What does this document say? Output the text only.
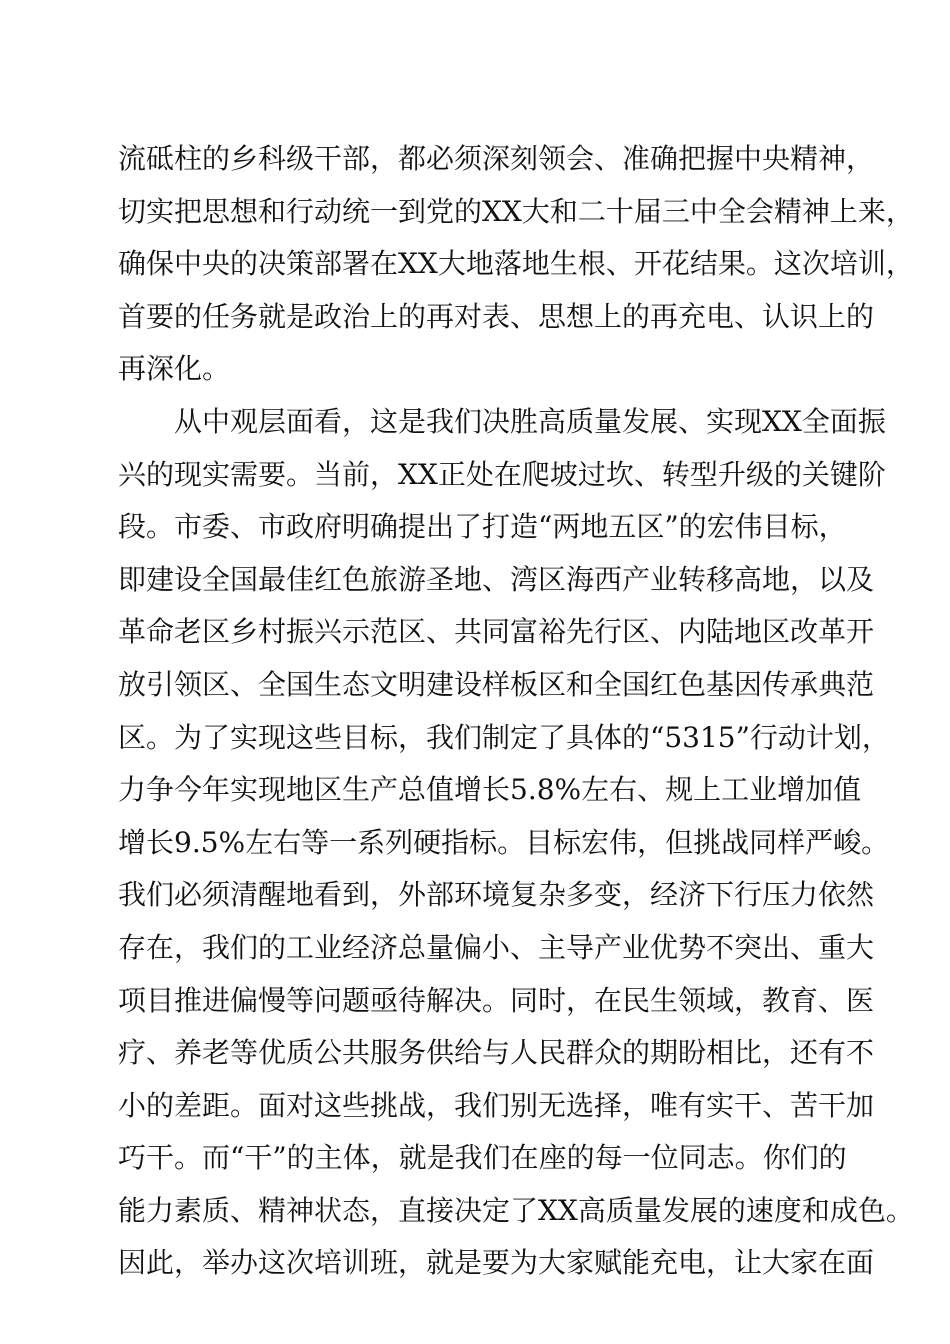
流砥柱的乡科级干部，都必须深刻领会、准确把握中央精神，
切实把思想和行动统一到党的XX大和二十届三中全会精神上来，
确保中央的决策部署在XX大地落地生根、开花结果。这次培训，
首要的任务就是政治上的再对表、思想上的再充电、认识上的
再深化。
从中观层面看，这是我们决胜高质量发展、实现XX全面振
兴的现实需要。当前，XX正处在爬坡过坎、转型升级的关键阶
段。市委、市政府明确提出了打造“两地五区”的宏伟目标，
即建设全国最佳红色旅游圣地、湾区海西产业转移高地，以及
革命老区乡村振兴示范区、共同富裕先行区、内陆地区改革开
放引领区、全国生态文明建设样板区和全国红色基因传承典范
区。为了实现这些目标，我们制定了具体的“5315”行动计划，
力争今年实现地区生产总值增长5.8%左右、规上工业增加值
增长9.5%左右等一系列硬指标。目标宏伟，但挑战同样严峻。
我们必须清醒地看到，外部环境复杂多变，经济下行压力依然
存在，我们的工业经济总量偏小、主导产业优势不突出、重大
项目推进偏慢等问题亟待解决。同时，在民生领域，教育、医
疗、养老等优质公共服务供给与人民群众的期盼相比，还有不
小的差距。面对这些挑战，我们别无选择，唯有实干、苦干加
巧干。而“干”的主体，就是我们在座的每一位同志。你们的
能力素质、精神状态，直接决定了XX高质量发展的速度和成色。
因此，举办这次培训班，就是要为大家赋能充电，让大家在面
